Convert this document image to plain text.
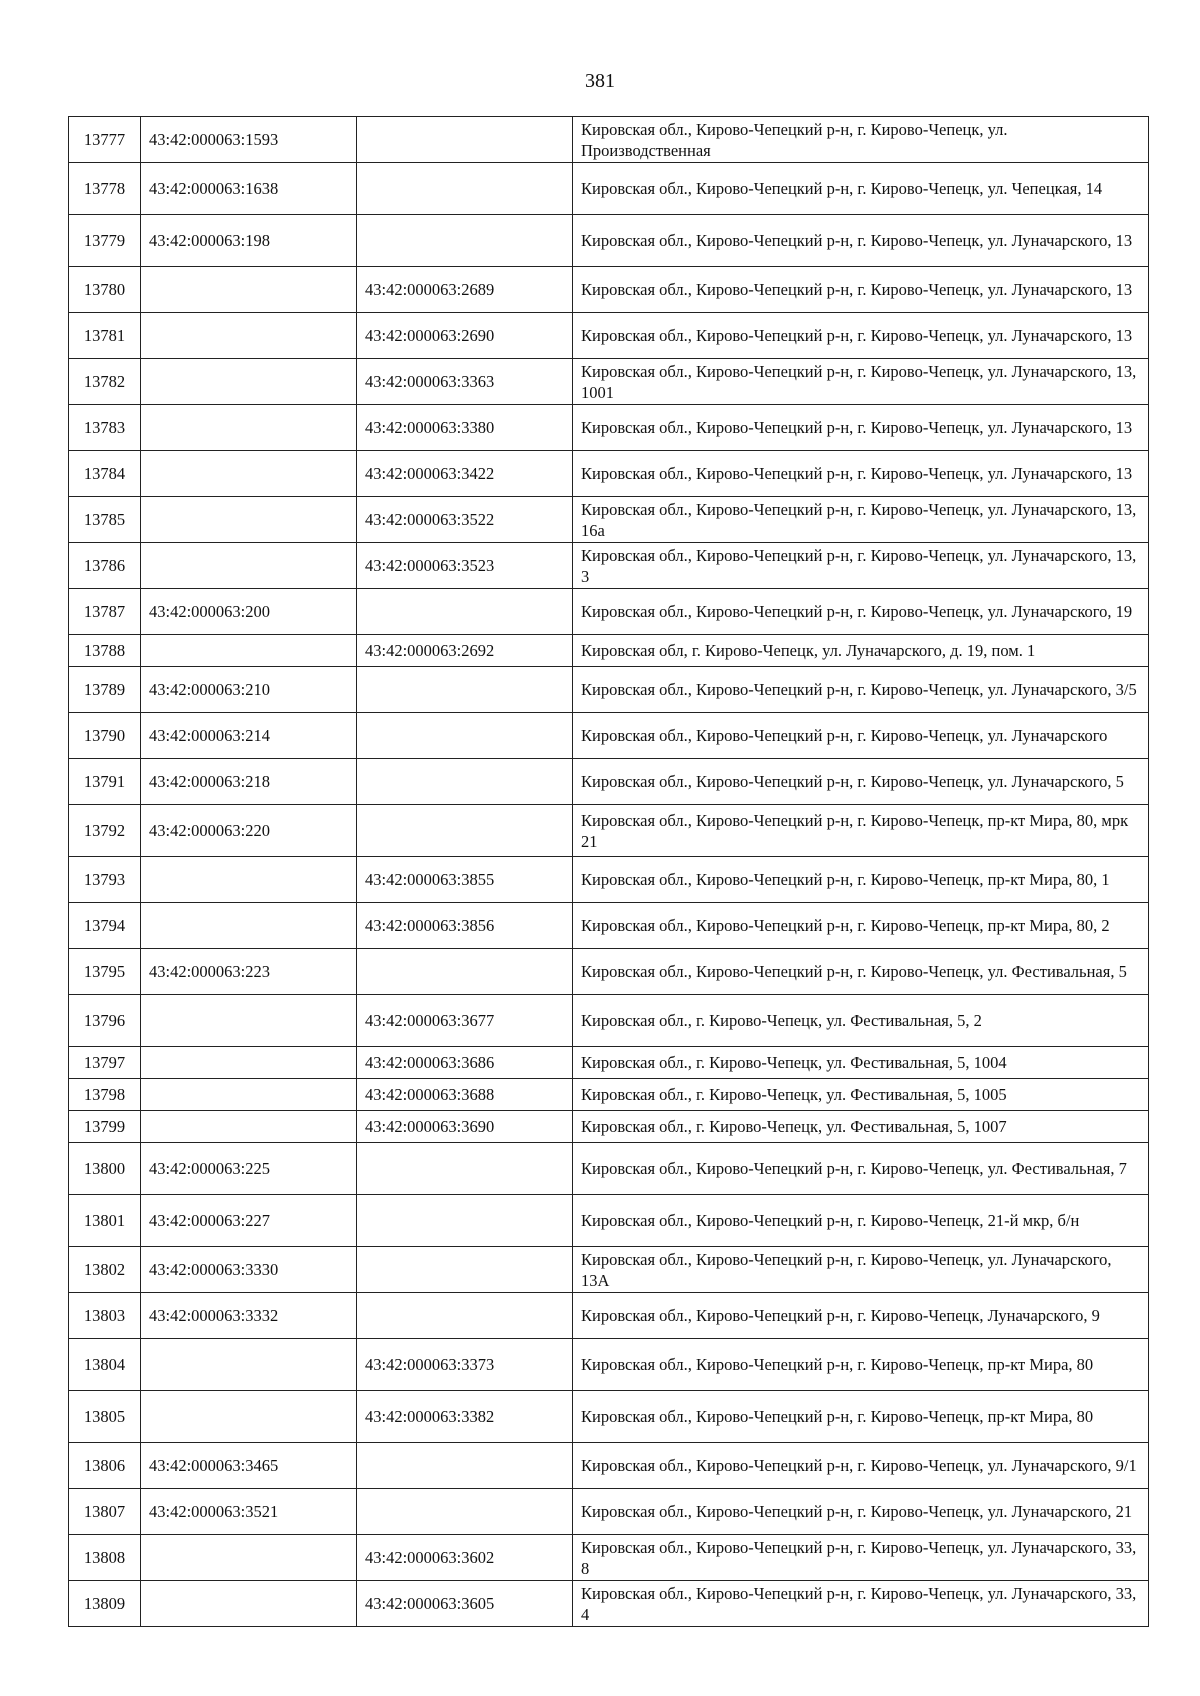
381
13777	43:42:000063:1593		Кировская обл., Кирово-Чепецкий р-н, г. Кирово-Чепецк, ул. Производственная
13778	43:42:000063:1638		Кировская обл., Кирово-Чепецкий р-н, г. Кирово-Чепецк, ул. Чепецкая, 14
13779	43:42:000063:198		Кировская обл., Кирово-Чепецкий р-н, г. Кирово-Чепецк, ул. Луначарского, 13
13780		43:42:000063:2689	Кировская обл., Кирово-Чепецкий р-н, г. Кирово-Чепецк, ул. Луначарского, 13
13781		43:42:000063:2690	Кировская обл., Кирово-Чепецкий р-н, г. Кирово-Чепецк, ул. Луначарского, 13
13782		43:42:000063:3363	Кировская обл., Кирово-Чепецкий р-н, г. Кирово-Чепецк, ул. Луначарского, 13, 1001
13783		43:42:000063:3380	Кировская обл., Кирово-Чепецкий р-н, г. Кирово-Чепецк, ул. Луначарского, 13
13784		43:42:000063:3422	Кировская обл., Кирово-Чепецкий р-н, г. Кирово-Чепецк, ул. Луначарского, 13
13785		43:42:000063:3522	Кировская обл., Кирово-Чепецкий р-н, г. Кирово-Чепецк, ул. Луначарского, 13, 16а
13786		43:42:000063:3523	Кировская обл., Кирово-Чепецкий р-н, г. Кирово-Чепецк, ул. Луначарского, 13, 3
13787	43:42:000063:200		Кировская обл., Кирово-Чепецкий р-н, г. Кирово-Чепецк, ул. Луначарского, 19
13788		43:42:000063:2692	Кировская обл, г. Кирово-Чепецк, ул. Луначарского, д. 19, пом. 1
13789	43:42:000063:210		Кировская обл., Кирово-Чепецкий р-н, г. Кирово-Чепецк, ул. Луначарского, 3/5
13790	43:42:000063:214		Кировская обл., Кирово-Чепецкий р-н, г. Кирово-Чепецк, ул. Луначарского
13791	43:42:000063:218		Кировская обл., Кирово-Чепецкий р-н, г. Кирово-Чепецк, ул. Луначарского, 5
13792	43:42:000063:220		Кировская обл., Кирово-Чепецкий р-н, г. Кирово-Чепецк, пр-кт Мира, 80, мрк 21
13793		43:42:000063:3855	Кировская обл., Кирово-Чепецкий р-н, г. Кирово-Чепецк, пр-кт Мира, 80, 1
13794		43:42:000063:3856	Кировская обл., Кирово-Чепецкий р-н, г. Кирово-Чепецк, пр-кт Мира, 80, 2
13795	43:42:000063:223		Кировская обл., Кирово-Чепецкий р-н, г. Кирово-Чепецк, ул. Фестивальная, 5
13796		43:42:000063:3677	Кировская обл., г. Кирово-Чепецк, ул. Фестивальная, 5, 2
13797		43:42:000063:3686	Кировская обл., г. Кирово-Чепецк, ул. Фестивальная, 5, 1004
13798		43:42:000063:3688	Кировская обл., г. Кирово-Чепецк, ул. Фестивальная, 5, 1005
13799		43:42:000063:3690	Кировская обл., г. Кирово-Чепецк, ул. Фестивальная, 5, 1007
13800	43:42:000063:225		Кировская обл., Кирово-Чепецкий р-н, г. Кирово-Чепецк, ул. Фестивальная, 7
13801	43:42:000063:227		Кировская обл., Кирово-Чепецкий р-н, г. Кирово-Чепецк, 21-й мкр, б/н
13802	43:42:000063:3330		Кировская обл., Кирово-Чепецкий р-н, г. Кирово-Чепецк, ул. Луначарского, 13А
13803	43:42:000063:3332		Кировская обл., Кирово-Чепецкий р-н, г. Кирово-Чепецк, Луначарского, 9
13804		43:42:000063:3373	Кировская обл., Кирово-Чепецкий р-н, г. Кирово-Чепецк, пр-кт Мира, 80
13805		43:42:000063:3382	Кировская обл., Кирово-Чепецкий р-н, г. Кирово-Чепецк, пр-кт Мира, 80
13806	43:42:000063:3465		Кировская обл., Кирово-Чепецкий р-н, г. Кирово-Чепецк, ул. Луначарского, 9/1
13807	43:42:000063:3521		Кировская обл., Кирово-Чепецкий р-н, г. Кирово-Чепецк, ул. Луначарского, 21
13808		43:42:000063:3602	Кировская обл., Кирово-Чепецкий р-н, г. Кирово-Чепецк, ул. Луначарского, 33, 8
13809		43:42:000063:3605	Кировская обл., Кирово-Чепецкий р-н, г. Кирово-Чепецк, ул. Луначарского, 33, 4
